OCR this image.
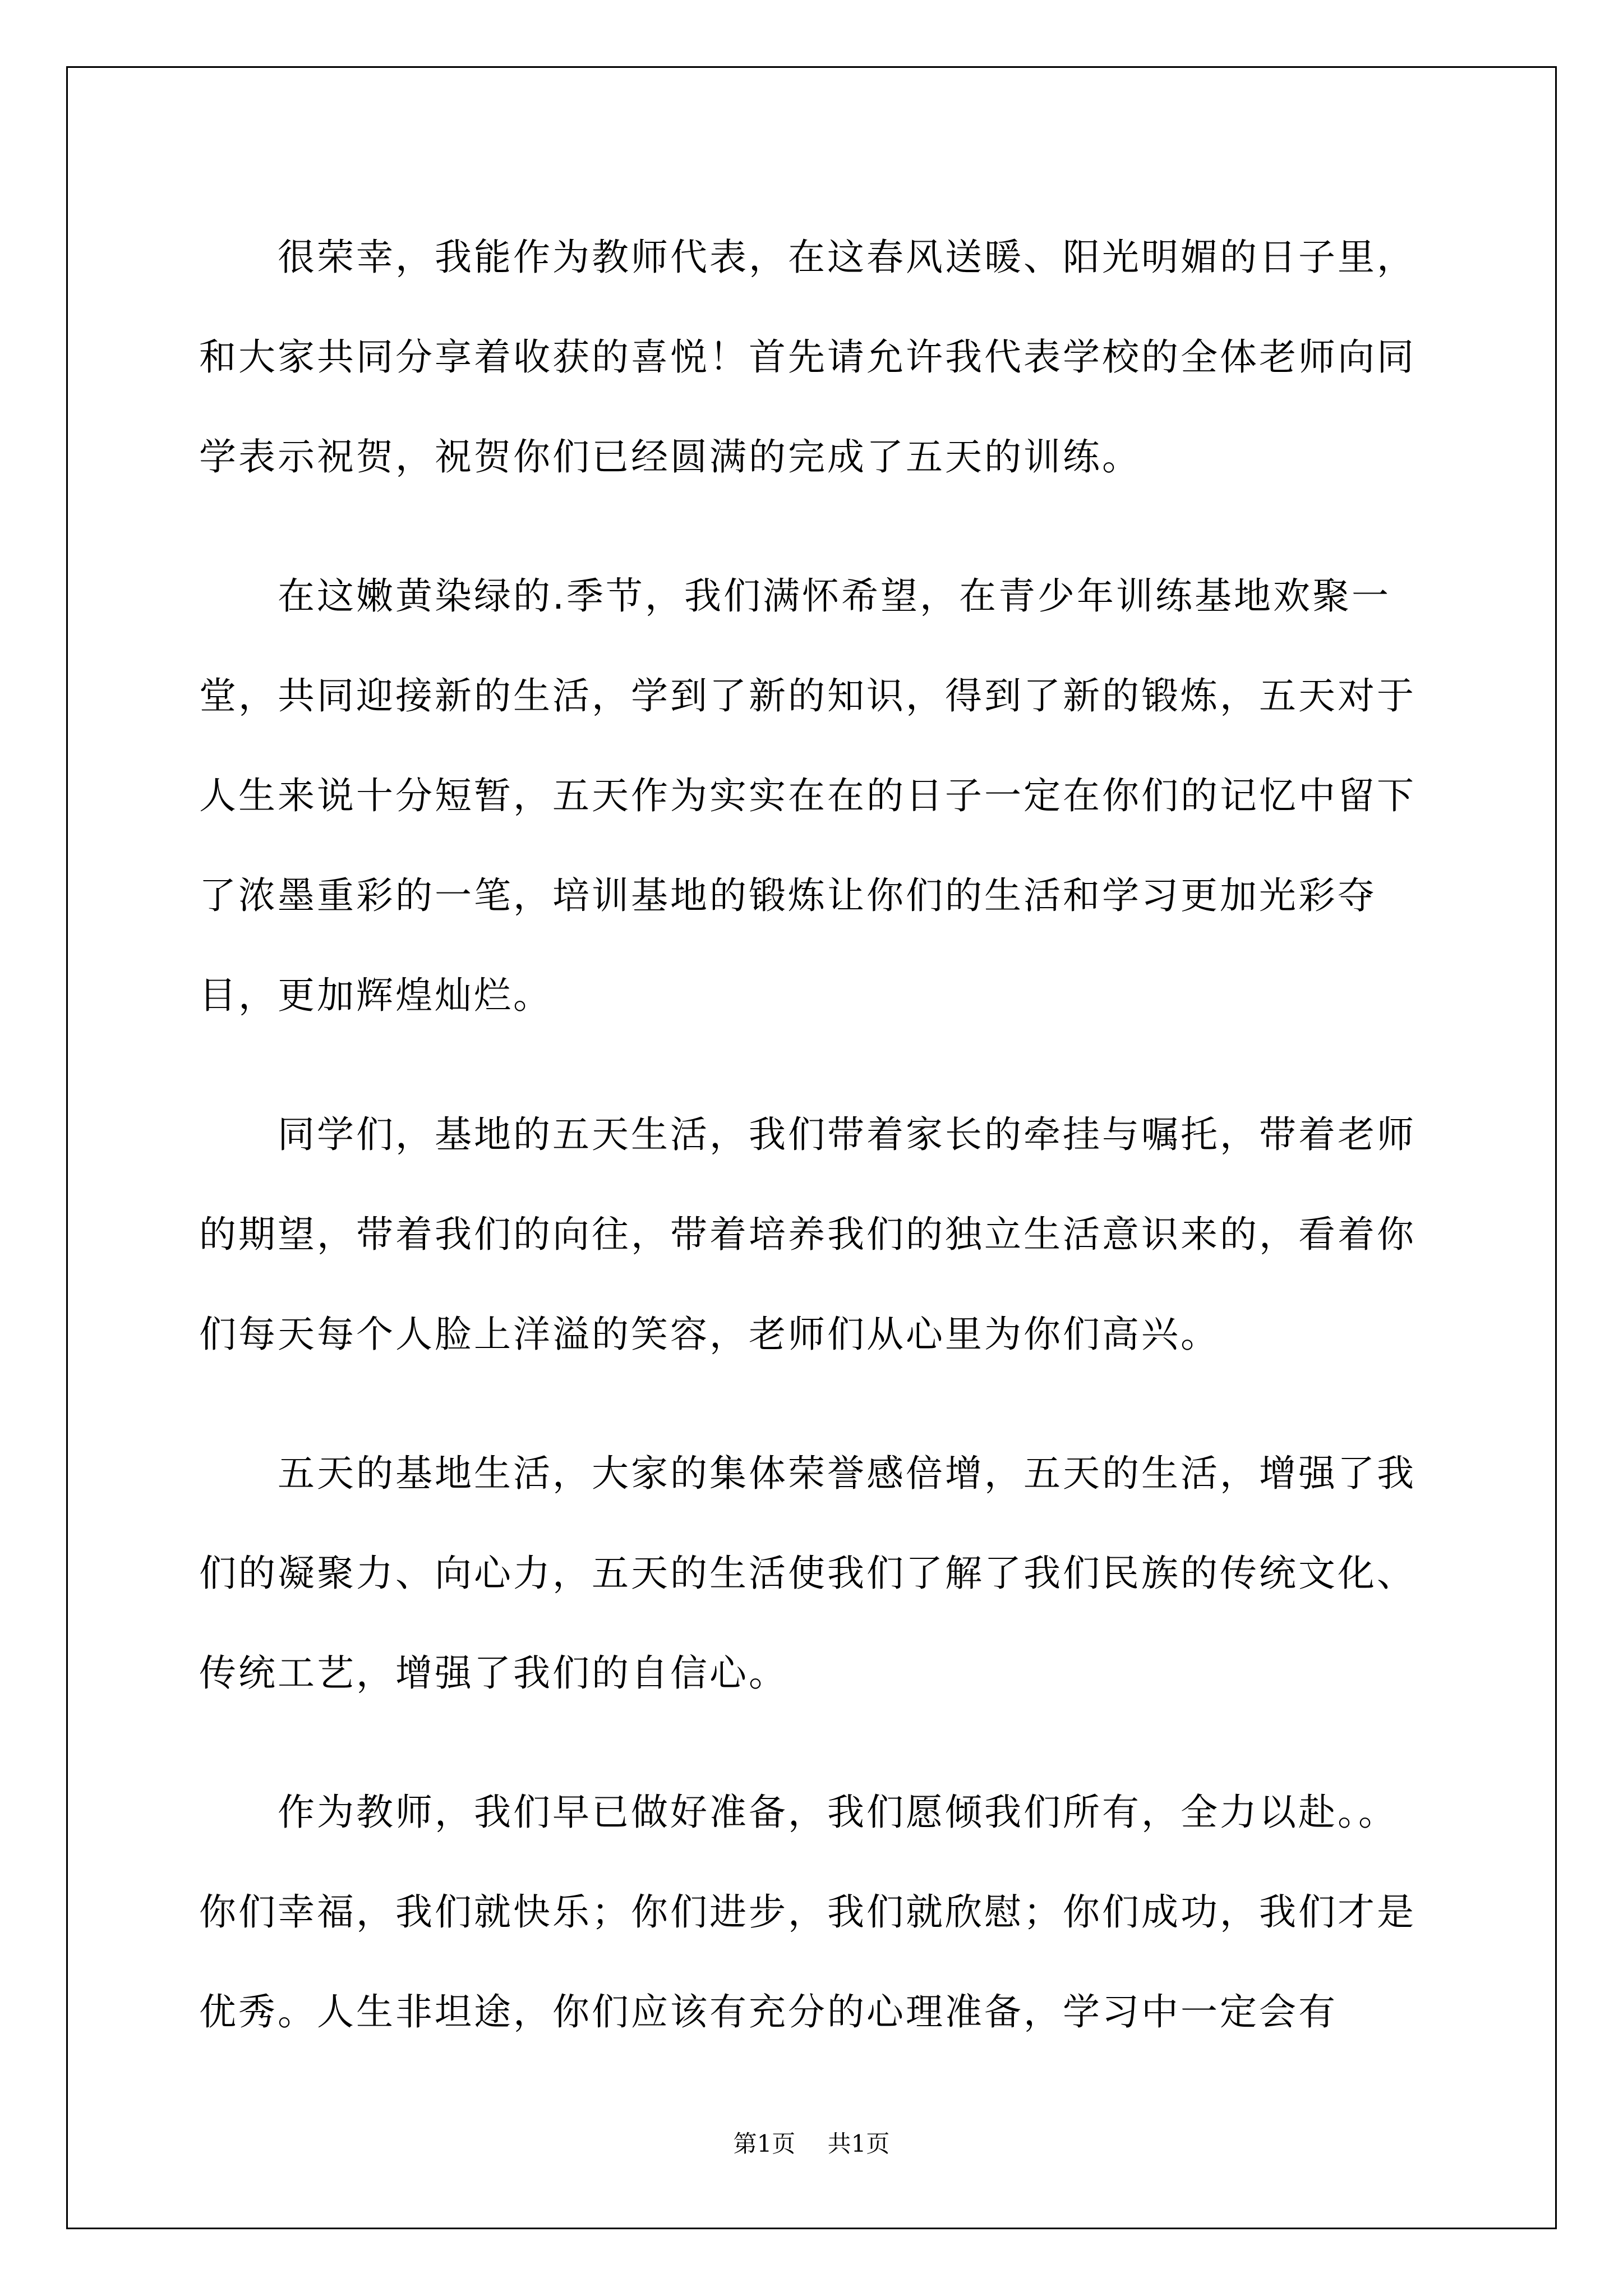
很荣幸，我能作为教师代表，在这春风送暖、阳光明媚的日子里，和大家共同分享着收获的喜悦！首先请允许我代表学校的全体老师向同学表示祝贺，祝贺你们已经圆满的完成了五天的训练。

在这嫩黄染绿的.季节，我们满怀希望，在青少年训练基地欢聚一堂，共同迎接新的生活，学到了新的知识，得到了新的锻炼，五天对于人生来说十分短暂，五天作为实实在在的日子一定在你们的记忆中留下了浓墨重彩的一笔，培训基地的锻炼让你们的生活和学习更加光彩夺目，更加辉煌灿烂。

同学们，基地的五天生活，我们带着家长的牵挂与嘱托，带着老师的期望，带着我们的向往，带着培养我们的独立生活意识来的，看着你们每天每个人脸上洋溢的笑容，老师们从心里为你们高兴。

五天的基地生活，大家的集体荣誉感倍增，五天的生活，增强了我们的凝聚力、向心力，五天的生活使我们了解了我们民族的传统文化、传统工艺，增强了我们的自信心。

作为教师，我们早已做好准备，我们愿倾我们所有，全力以赴。。你们幸福，我们就快乐；你们进步，我们就欣慰；你们成功，我们才是优秀。人生非坦途，你们应该有充分的心理准备，学习中一定会有

第1页 共1页
